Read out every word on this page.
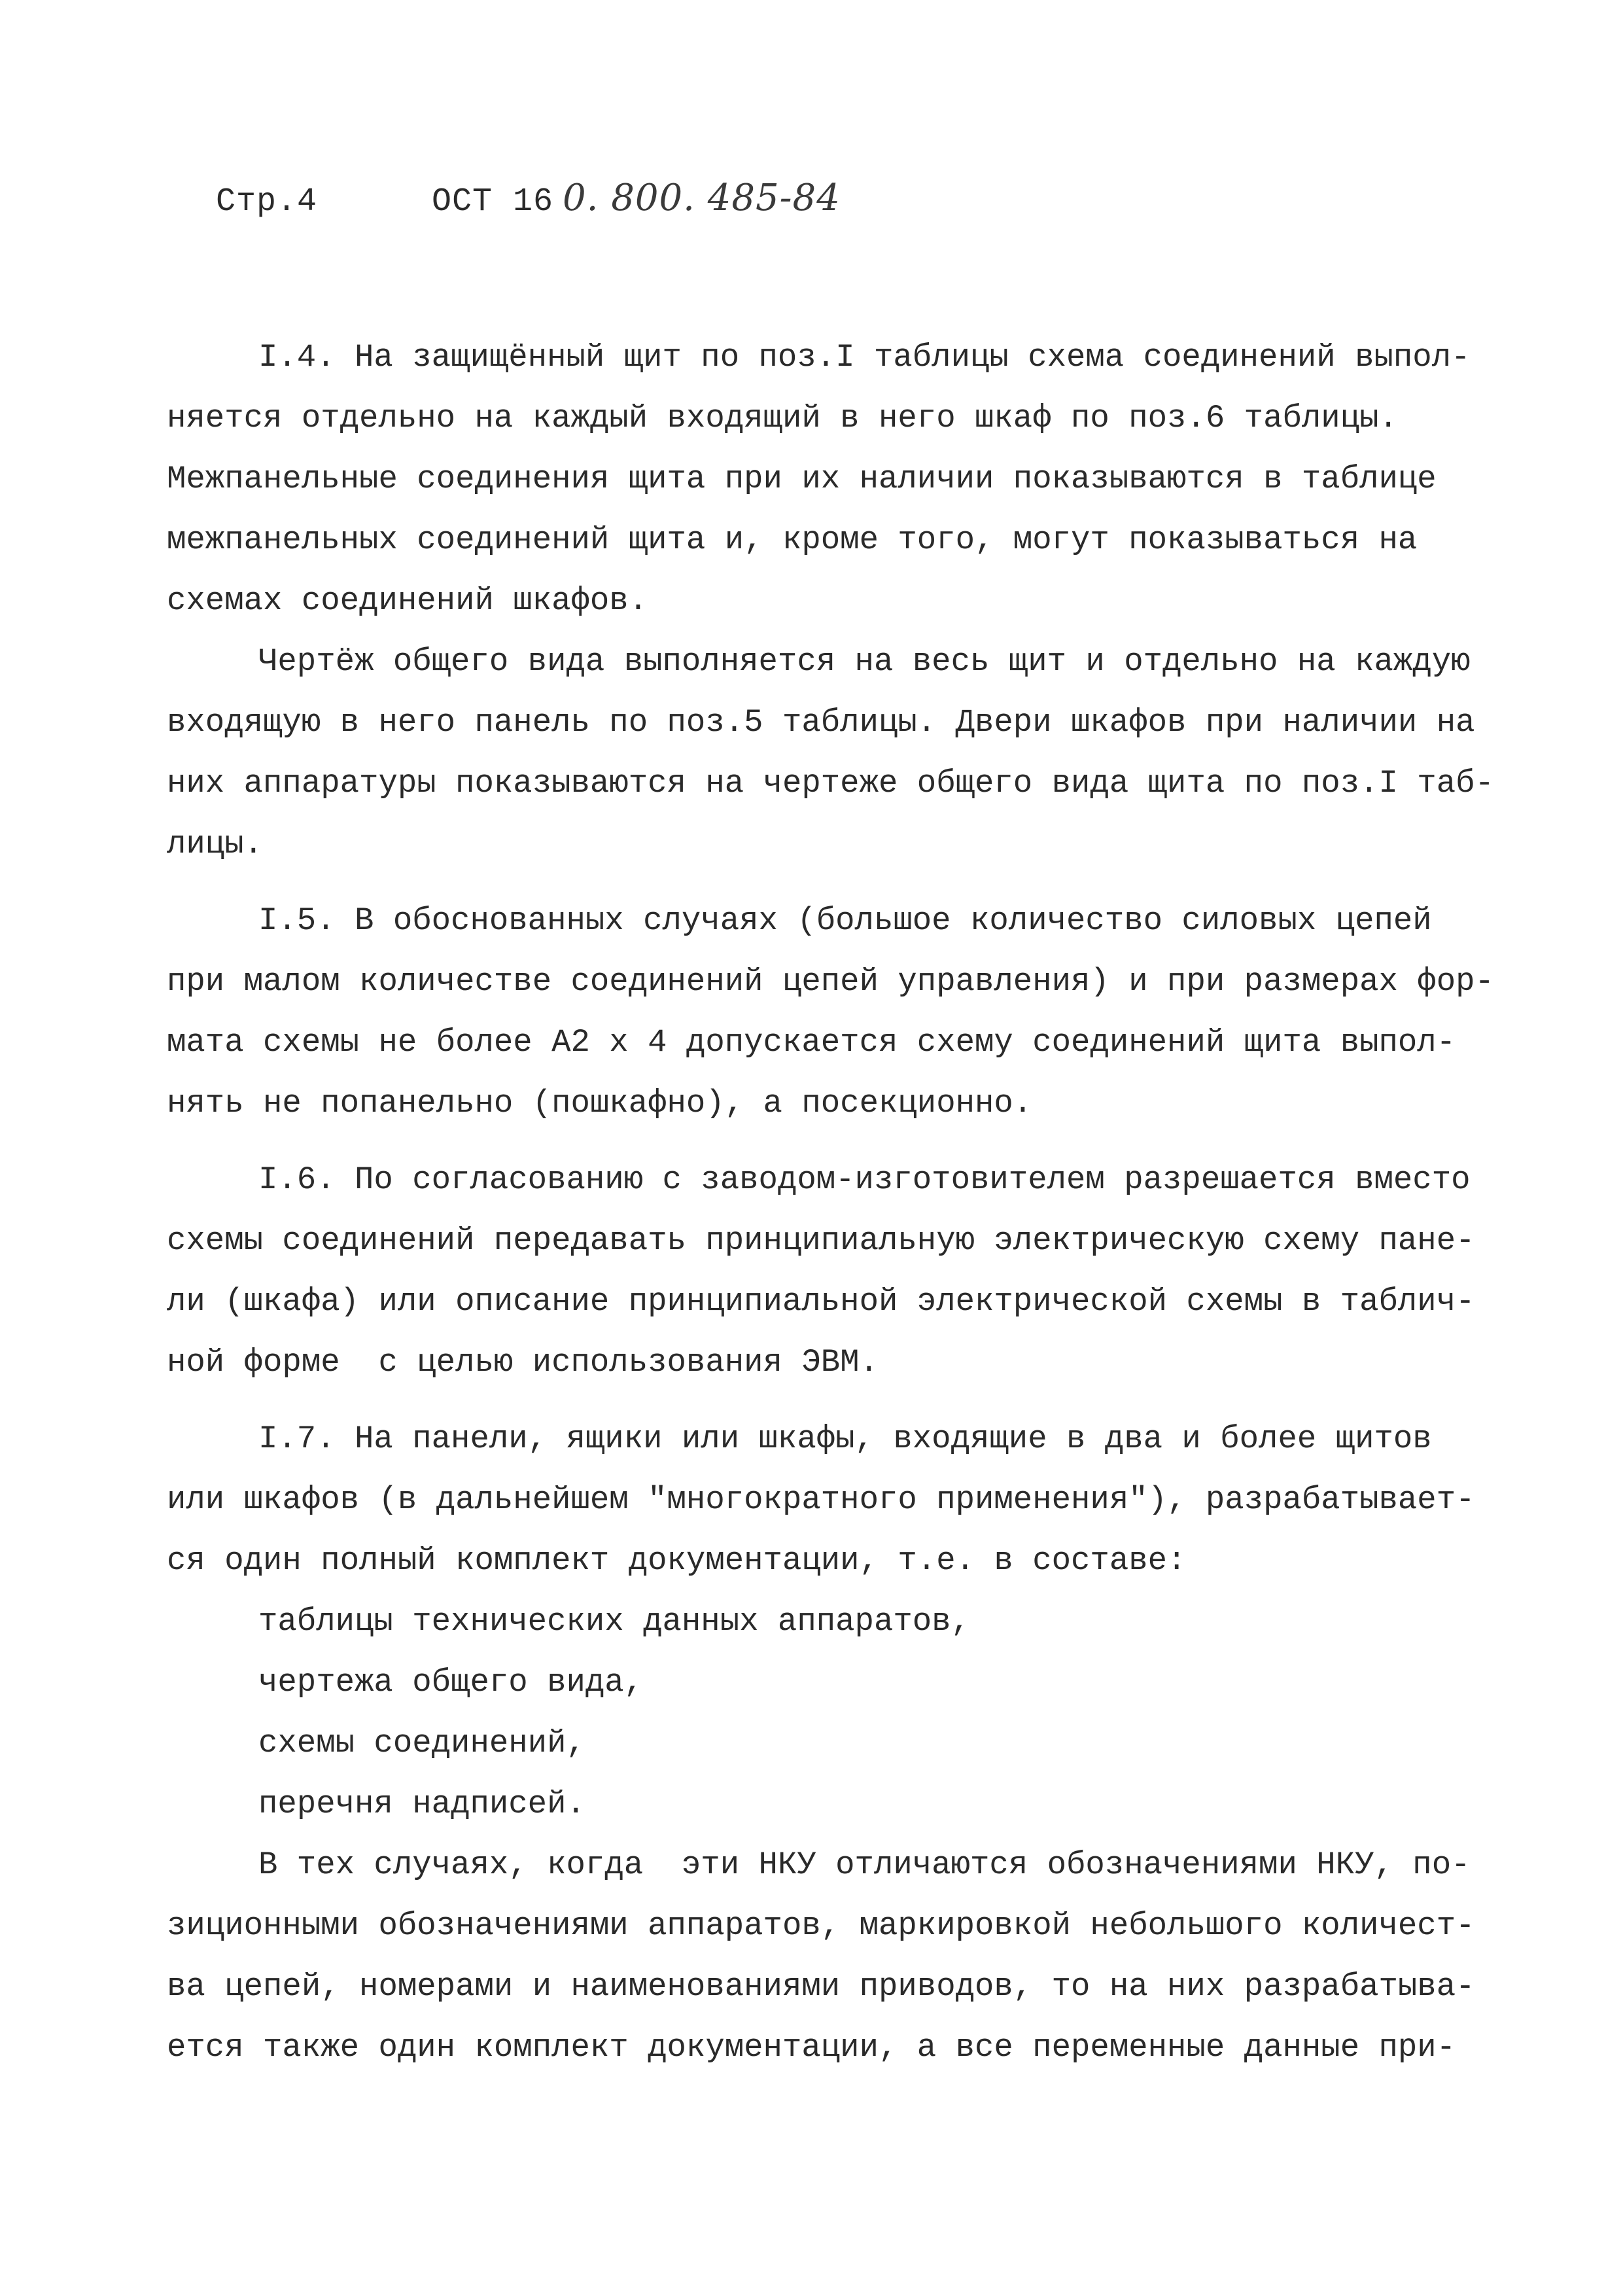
Стр.4	ОСТ 16 0. 800. 485-84
I.4. На защищённый щит по поз.I таблицы схема соединений выпол-
няется отдельно на каждый входящий в него шкаф по поз.6 таблицы.
Межпанельные соединения щита при их наличии показываются в таблице
межпанельных соединений щита и, кроме того, могут показываться на
схемах соединений шкафов.
Чертёж общего вида выполняется на весь щит и отдельно на каждую
входящую в него панель по поз.5 таблицы. Двери шкафов при наличии на
них аппаратуры показываются на чертеже общего вида щита по поз.I таб-
лицы.
I.5. В обоснованных случаях (большое количество силовых цепей
при малом количестве соединений цепей управления) и при размерах фор-
мата схемы не более А2 х 4 допускается схему соединений щита выпол-
нять не попанельно (пошкафно), а посекционно.
I.6. По согласованию с заводом-изготовителем разрешается вместо
схемы соединений передавать принципиальную электрическую схему пане-
ли (шкафа) или описание принципиальной электрической схемы в таблич-
ной форме  с целью использования ЭВМ.
I.7. На панели, ящики или шкафы, входящие в два и более щитов
или шкафов (в дальнейшем "многократного применения"), разрабатывает-
ся один полный комплект документации, т.е. в составе:
таблицы технических данных аппаратов,
чертежа общего вида,
схемы соединений,
перечня надписей.
В тех случаях, когда  эти НКУ отличаются обозначениями НКУ, по-
зиционными обозначениями аппаратов, маркировкой небольшого количест-
ва цепей, номерами и наименованиями приводов, то на них разрабатыва-
ется также один комплект документации, а все переменные данные при-
